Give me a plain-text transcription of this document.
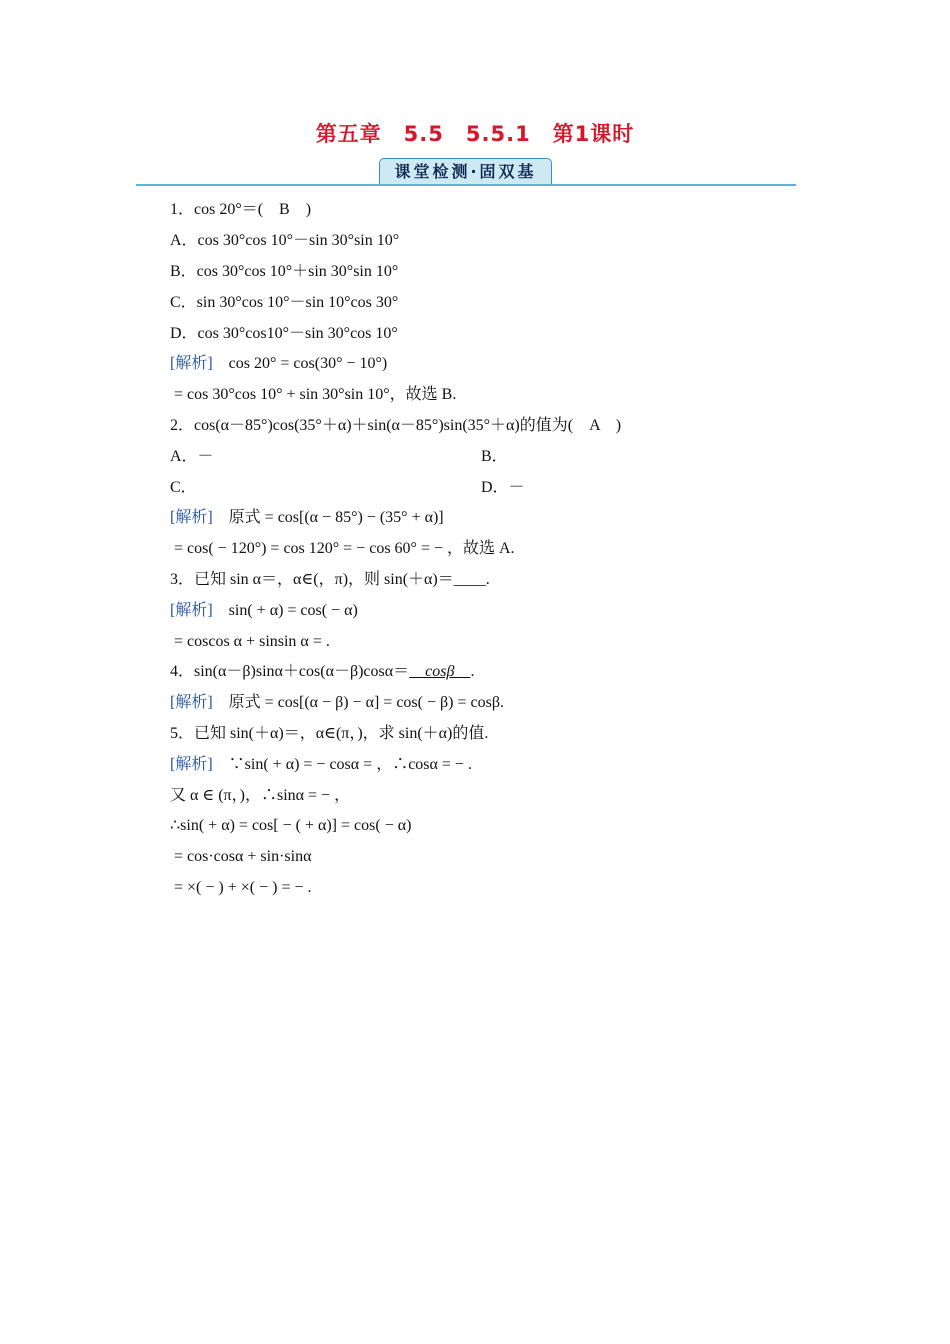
第五章　5.5　5.5.1　第1课时
课堂检测·固双基
1．cos 20°＝(　B　)
A．cos 30°cos 10°－sin 30°sin 10°
B．cos 30°cos 10°＋sin 30°sin 10°
C．sin 30°cos 10°－sin 10°cos 30°
D．cos 30°cos10°－sin 30°cos 10°
[解析] cos 20° = cos(30° − 10°)
= cos 30°cos 10° + sin 30°sin 10°，故选 B.
2．cos(α－85°)cos(35°＋α)＋sin(α－85°)sin(35°＋α)的值为(　A　)
A．－	B．
C．	D．－
[解析] 原式 = cos[(α − 85°) − (35° + α)]
= cos( − 120°) = cos 120° = − cos 60° = − ，故选 A.
3．已知 sin α＝，α∈(，π)，则 sin(＋α)＝____.
[解析] sin( + α) = cos( − α)
= coscos α + sinsin α = .
4．sin(α－β)sinα＋cos(α－β)cosα＝　cosβ　.
[解析] 原式 = cos[(α − β) − α] = cos( − β) = cosβ.
5．已知 sin(＋α)＝，α∈(π，)，求 sin(＋α)的值.
[解析] ∵sin( + α) = − cosα = ，∴cosα = − .
又 α ∈ (π，)，∴sinα = − ，
∴sin( + α) = cos[ − ( + α)] = cos( − α)
= cos·cosα + sin·sinα
= ×( − ) + ×( − ) = − .
